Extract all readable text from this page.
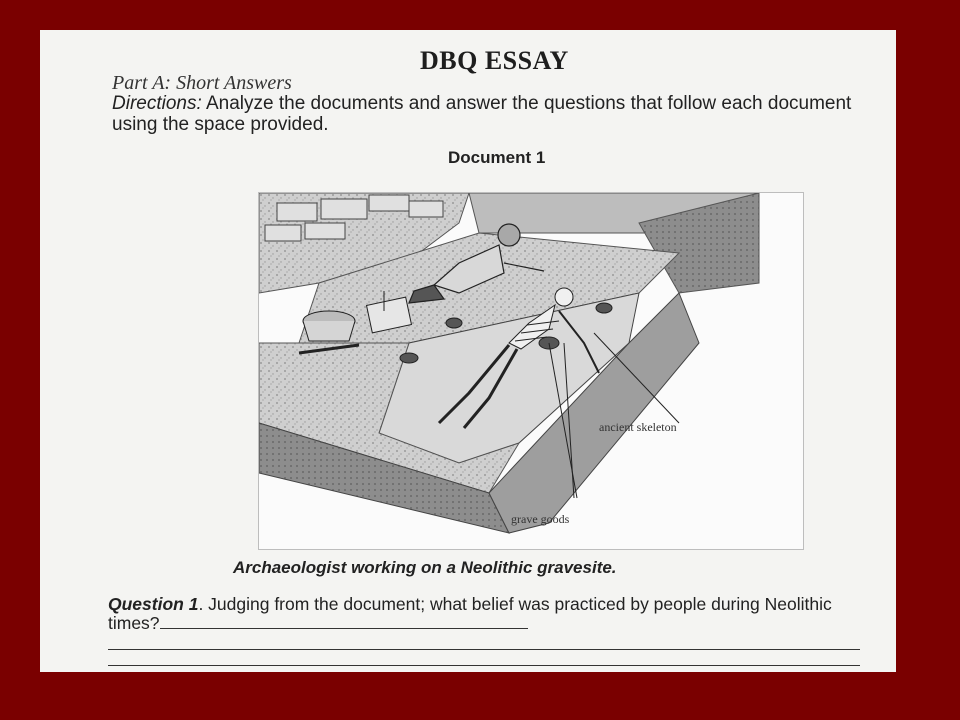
DBQ ESSAY
Part A: Short Answers
Directions: Analyze the documents and answer the questions that follow each document using the space provided.
Document 1
ancient skeleton
grave goods
Archaeologist working on a Neolithic gravesite.
Question 1. Judging from the document; what belief was practiced by people during Neolithic times?
